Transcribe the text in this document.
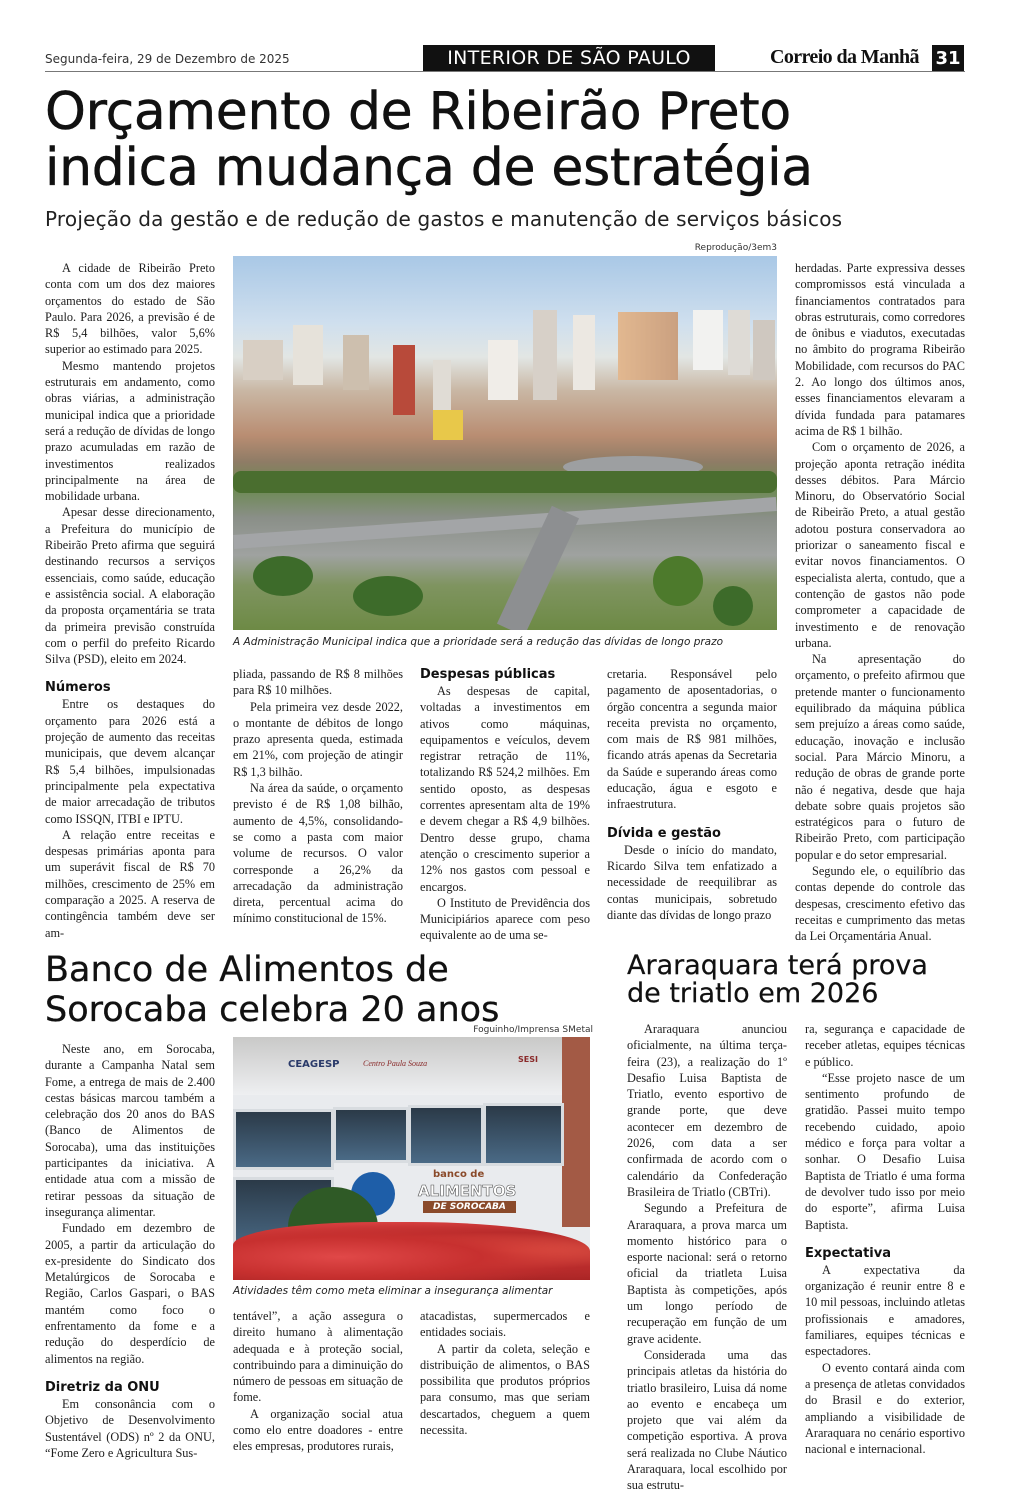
Segunda-feira, 29 de Dezembro de 2025	INTERIOR DE SÃO PAULO	Correio da Manhã 31
Orçamento de Ribeirão Preto
indica mudança de estratégia
Projeção da gestão e de redução de gastos e manutenção de serviços básicos
Reprodução/3em3
A Administração Municipal indica que a prioridade será a redução das dívidas de longo prazo

A cidade de Ribeirão Preto conta com um dos dez maiores orçamentos do estado de São Paulo. Para 2026, a previsão é de R$ 5,4 bilhões, valor 5,6% superior ao estimado para 2025.

Mesmo mantendo projetos estruturais em andamento, como obras viárias, a administração municipal indica que a prioridade será a redução de dívidas de longo prazo acumuladas em razão de investimentos realizados principalmente na área de mobilidade urbana.

Apesar desse direcionamento, a Prefeitura do município de Ribeirão Preto afirma que seguirá destinando recursos a serviços essenciais, como saúde, educação e assistência social. A elaboração da proposta orçamentária se trata da primeira previsão construída com o perfil do prefeito Ricardo Silva (PSD), eleito em 2024.

Números

Entre os destaques do orçamento para 2026 está a projeção de aumento das receitas municipais, que devem alcançar R$ 5,4 bilhões, impulsionadas principalmente pela expectativa de maior arrecadação de tributos como ISSQN, ITBI e IPTU.

A relação entre receitas e despesas primárias aponta para um superávit fiscal de R$ 70 milhões, crescimento de 25% em comparação a 2025. A reserva de contingência também deve ser am-

pliada, passando de R$ 8 milhões para R$ 10 milhões.

Pela primeira vez desde 2022, o montante de débitos de longo prazo apresenta queda, estimada em 21%, com projeção de atingir R$ 1,3 bilhão.

Na área da saúde, o orçamento previsto é de R$ 1,08 bilhão, aumento de 4,5%, consolidando-se como a pasta com maior volume de recursos. O valor corresponde a 26,2% da arrecadação da administração direta, percentual acima do mínimo constitucional de 15%.

Despesas públicas

As despesas de capital, voltadas a investimentos em ativos como máquinas, equipamentos e veículos, devem registrar retração de 11%, totalizando R$ 524,2 milhões. Em sentido oposto, as despesas correntes apresentam alta de 19% e devem chegar a R$ 4,9 bilhões. Dentro desse grupo, chama atenção o crescimento superior a 12% nos gastos com pessoal e encargos.

O Instituto de Previdência dos Municipiários aparece com peso equivalente ao de uma se-

cretaria. Responsável pelo pagamento de aposentadorias, o órgão concentra a segunda maior receita prevista no orçamento, com mais de R$ 981 milhões, ficando atrás apenas da Secretaria da Saúde e superando áreas como educação, água e esgoto e infraestrutura.

Dívida e gestão

Desde o início do mandato, Ricardo Silva tem enfatizado a necessidade de reequilibrar as contas municipais, sobretudo diante das dívidas de longo prazo

herdadas. Parte expressiva desses compromissos está vinculada a financiamentos contratados para obras estruturais, como corredores de ônibus e viadutos, executadas no âmbito do programa Ribeirão Mobilidade, com recursos do PAC 2. Ao longo dos últimos anos, esses financiamentos elevaram a dívida fundada para patamares acima de R$ 1 bilhão.

Com o orçamento de 2026, a projeção aponta retração inédita desses débitos. Para Márcio Minoru, do Observatório Social de Ribeirão Preto, a atual gestão adotou postura conservadora ao priorizar o saneamento fiscal e evitar novos financiamentos. O especialista alerta, contudo, que a contenção de gastos não pode comprometer a capacidade de investimento e de renovação urbana.

Na apresentação do orçamento, o prefeito afirmou que pretende manter o funcionamento equilibrado da máquina pública sem prejuízo a áreas como saúde, educação, inovação e inclusão social. Para Márcio Minoru, a redução de obras de grande porte não é negativa, desde que haja debate sobre quais projetos são estratégicos para o futuro de Ribeirão Preto, com participação popular e do setor empresarial.

Segundo ele, o equilíbrio das contas depende do controle das despesas, crescimento efetivo das receitas e cumprimento das metas da Lei Orçamentária Anual.

Banco de Alimentos de
Sorocaba celebra 20 anos
Foguinho/Imprensa SMetal
CEAGESP	Centro Paula Souza	SESI
banco de
ALIMENTOS
DE SOROCABA
Atividades têm como meta eliminar a insegurança alimentar

Neste ano, em Sorocaba, durante a Campanha Natal sem Fome, a entrega de mais de 2.400 cestas básicas marcou também a celebração dos 20 anos do BAS (Banco de Alimentos de Sorocaba), uma das instituições participantes da iniciativa. A entidade atua com a missão de retirar pessoas da situação de insegurança alimentar.

Fundado em dezembro de 2005, a partir da articulação do ex-presidente do Sindicato dos Metalúrgicos de Sorocaba e Região, Carlos Gaspari, o BAS mantém como foco o enfrentamento da fome e a redução do desperdício de alimentos na região.

Diretriz da ONU

Em consonância com o Objetivo de Desenvolvimento Sustentável (ODS) nº 2 da ONU, “Fome Zero e Agricultura Sus-

tentável”, a ação assegura o direito humano à alimentação adequada e à proteção social, contribuindo para a diminuição do número de pessoas em situação de fome.

A organização social atua como elo entre doadores - entre eles empresas, produtores rurais,

atacadistas, supermercados e entidades sociais.

A partir da coleta, seleção e distribuição de alimentos, o BAS possibilita que produtos próprios para consumo, mas que seriam descartados, cheguem a quem necessita.

Araraquara terá prova
de triatlo em 2026

Araraquara anunciou oficialmente, na última terça-feira (23), a realização do 1º Desafio Luisa Baptista de Triatlo, evento esportivo de grande porte, que deve acontecer em dezembro de 2026, com data a ser confirmada de acordo com o calendário da Confederação Brasileira de Triatlo (CBTri).

Segundo a Prefeitura de Araraquara, a prova marca um momento histórico para o esporte nacional: será o retorno oficial da triatleta Luisa Baptista às competições, após um longo período de recuperação em função de um grave acidente.

Considerada uma das principais atletas da história do triatlo brasileiro, Luisa dá nome ao evento e encabeça um projeto que vai além da competição esportiva. A prova será realizada no Clube Náutico Araraquara, local escolhido por sua estrutu-

ra, segurança e capacidade de receber atletas, equipes técnicas e público.

“Esse projeto nasce de um sentimento profundo de gratidão. Passei muito tempo recebendo cuidado, apoio médico e força para voltar a sonhar. O Desafio Luisa Baptista de Triatlo é uma forma de devolver tudo isso por meio do esporte”, afirma Luisa Baptista.

Expectativa

A expectativa da organização é reunir entre 8 e 10 mil pessoas, incluindo atletas profissionais e amadores, familiares, equipes técnicas e espectadores.

O evento contará ainda com a presença de atletas convidados do Brasil e do exterior, ampliando a visibilidade de Araraquara no cenário esportivo nacional e internacional.
